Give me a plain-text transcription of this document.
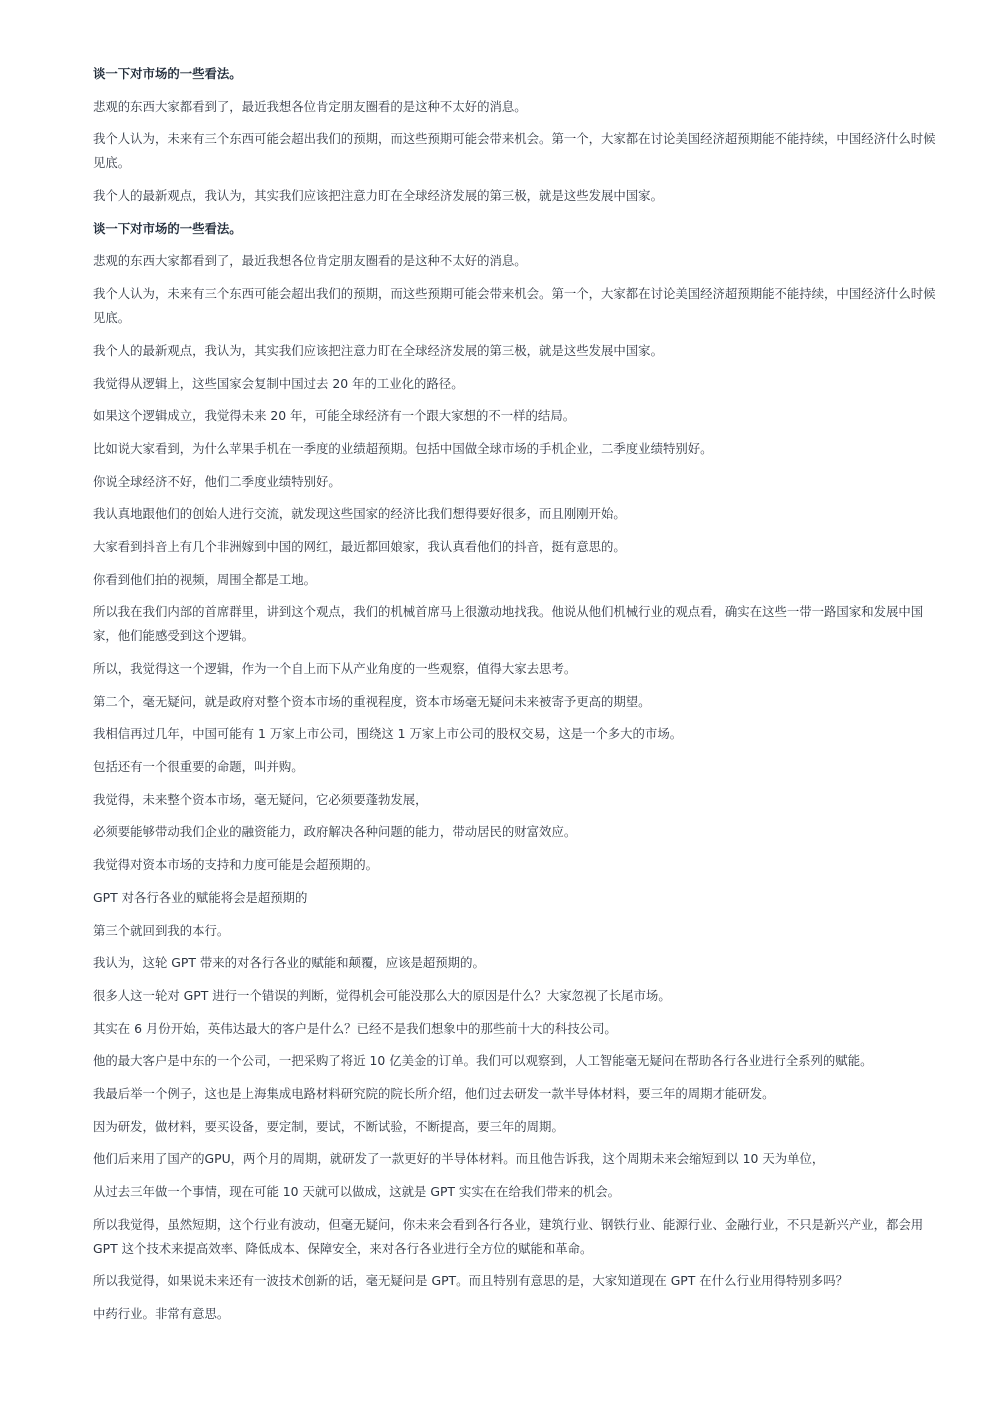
谈一下对市场的一些看法。

悲观的东西大家都看到了，最近我想各位肯定朋友圈看的是这种不太好的消息。

我个人认为，未来有三个东西可能会超出我们的预期，而这些预期可能会带来机会。第一个，大家都在讨论美国经济超预期能不能持续，中国经济什么时候见底。

我个人的最新观点，我认为，其实我们应该把注意力盯在全球经济发展的第三极，就是这些发展中国家。

谈一下对市场的一些看法。

悲观的东西大家都看到了，最近我想各位肯定朋友圈看的是这种不太好的消息。

我个人认为，未来有三个东西可能会超出我们的预期，而这些预期可能会带来机会。第一个，大家都在讨论美国经济超预期能不能持续，中国经济什么时候见底。

我个人的最新观点，我认为，其实我们应该把注意力盯在全球经济发展的第三极，就是这些发展中国家。

我觉得从逻辑上，这些国家会复制中国过去 20 年的工业化的路径。

如果这个逻辑成立，我觉得未来 20 年，可能全球经济有一个跟大家想的不一样的结局。

比如说大家看到，为什么苹果手机在一季度的业绩超预期。包括中国做全球市场的手机企业，二季度业绩特别好。

你说全球经济不好，他们二季度业绩特别好。

我认真地跟他们的创始人进行交流，就发现这些国家的经济比我们想得要好很多，而且刚刚开始。

大家看到抖音上有几个非洲嫁到中国的网红，最近都回娘家，我认真看他们的抖音，挺有意思的。

你看到他们拍的视频，周围全都是工地。

所以我在我们内部的首席群里，讲到这个观点，我们的机械首席马上很激动地找我。他说从他们机械行业的观点看，确实在这些一带一路国家和发展中国家，他们能感受到这个逻辑。

所以，我觉得这一个逻辑，作为一个自上而下从产业角度的一些观察，值得大家去思考。

第二个，毫无疑问，就是政府对整个资本市场的重视程度，资本市场毫无疑问未来被寄予更高的期望。

我相信再过几年，中国可能有 1 万家上市公司，围绕这 1 万家上市公司的股权交易，这是一个多大的市场。

包括还有一个很重要的命题，叫并购。

我觉得，未来整个资本市场，毫无疑问，它必须要蓬勃发展，

必须要能够带动我们企业的融资能力，政府解决各种问题的能力，带动居民的财富效应。

我觉得对资本市场的支持和力度可能是会超预期的。

GPT 对各行各业的赋能将会是超预期的

第三个就回到我的本行。

我认为，这轮 GPT 带来的对各行各业的赋能和颠覆，应该是超预期的。

很多人这一轮对 GPT 进行一个错误的判断，觉得机会可能没那么大的原因是什么？大家忽视了长尾市场。

其实在 6 月份开始，英伟达最大的客户是什么？已经不是我们想象中的那些前十大的科技公司。

他的最大客户是中东的一个公司，一把采购了将近 10 亿美金的订单。我们可以观察到，人工智能毫无疑问在帮助各行各业进行全系列的赋能。

我最后举一个例子，这也是上海集成电路材料研究院的院长所介绍，他们过去研发一款半导体材料，要三年的周期才能研发。

因为研发，做材料，要买设备，要定制，要试，不断试验，不断提高，要三年的周期。

他们后来用了国产的GPU，两个月的周期，就研发了一款更好的半导体材料。而且他告诉我，这个周期未来会缩短到以 10 天为单位，

从过去三年做一个事情，现在可能 10 天就可以做成，这就是 GPT 实实在在给我们带来的机会。

所以我觉得，虽然短期，这个行业有波动，但毫无疑问，你未来会看到各行各业，建筑行业、钢铁行业、能源行业、金融行业，不只是新兴产业，都会用GPT 这个技术来提高效率、降低成本、保障安全，来对各行各业进行全方位的赋能和革命。

所以我觉得，如果说未来还有一波技术创新的话，毫无疑问是 GPT。而且特别有意思的是，大家知道现在 GPT 在什么行业用得特别多吗？

中药行业。非常有意思。
